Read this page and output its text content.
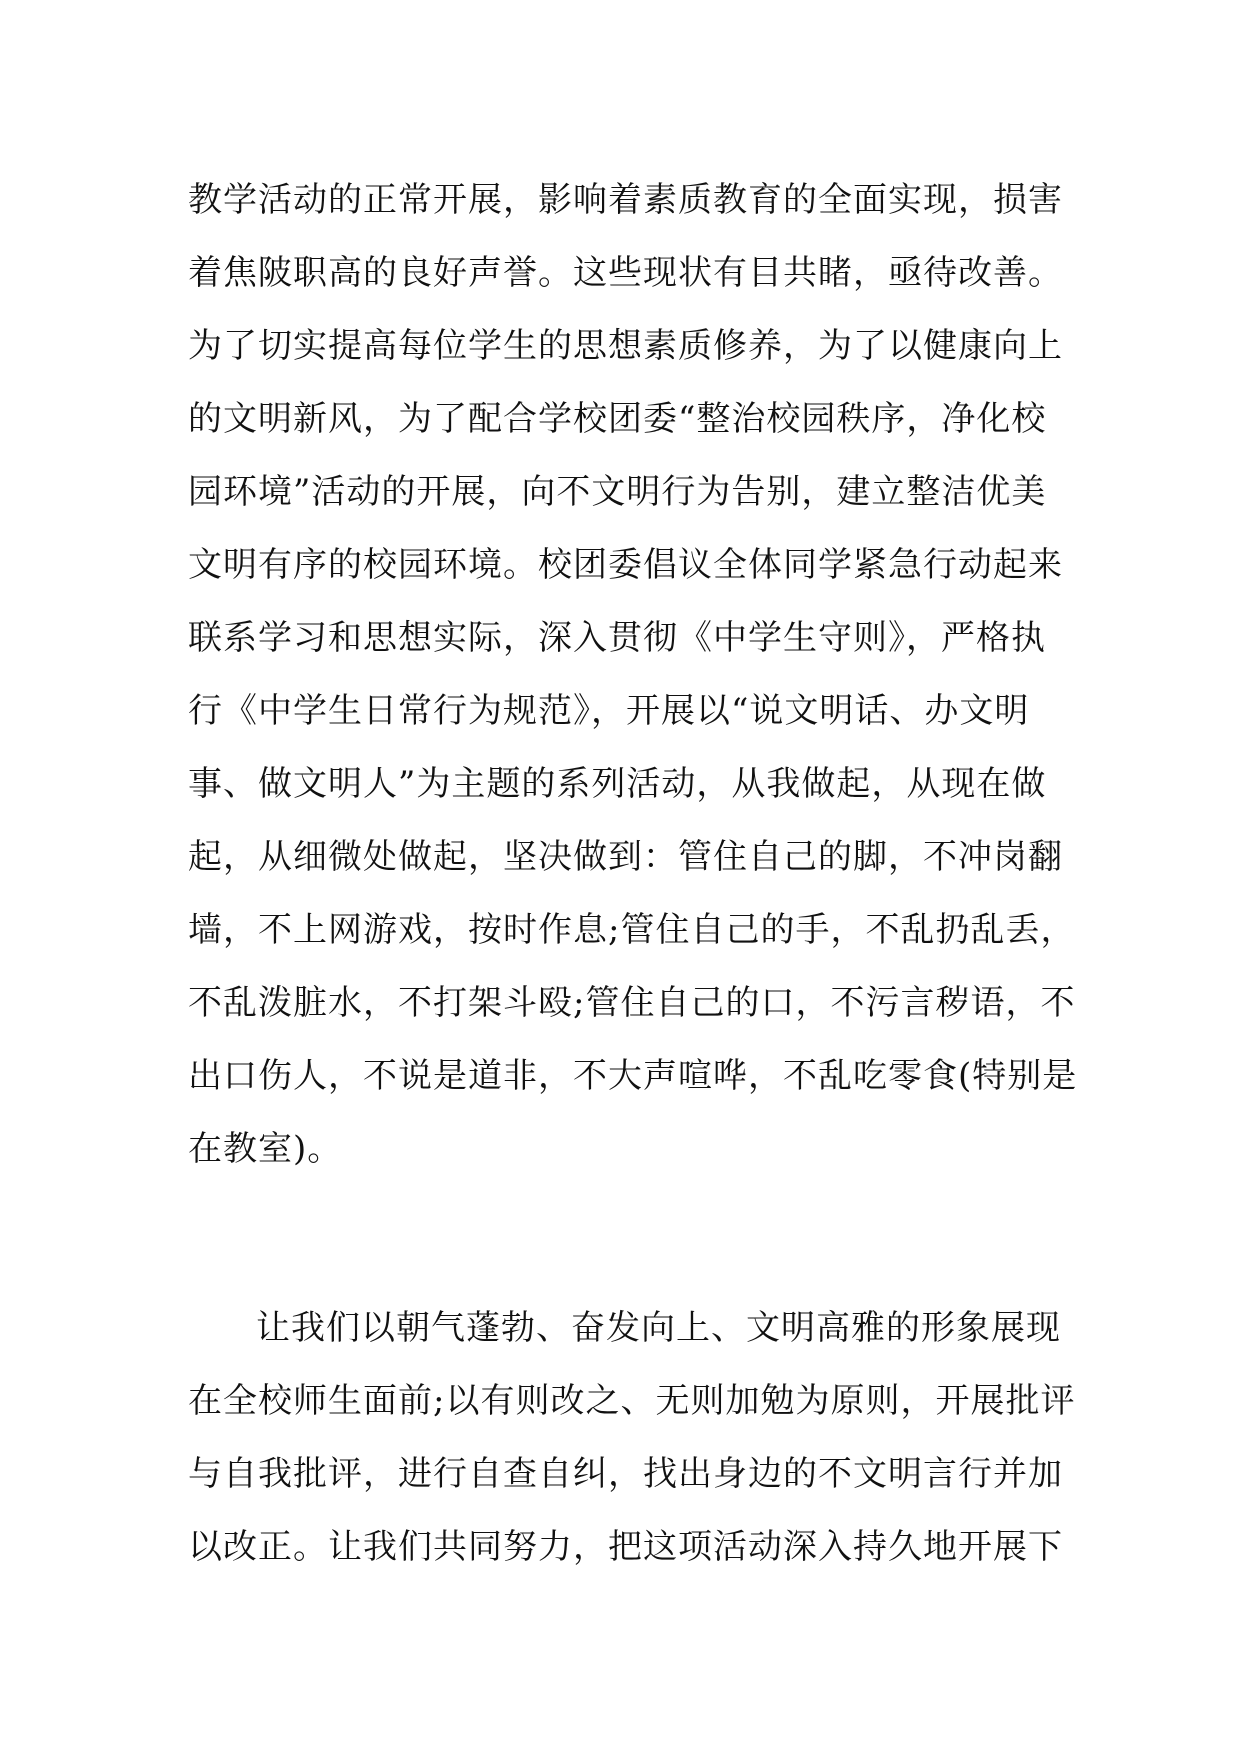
教学活动的正常开展，影响着素质教育的全面实现，损害
着焦陂职高的良好声誉。这些现状有目共睹，亟待改善。
为了切实提高每位学生的思想素质修养，为了以健康向上
的文明新风，为了配合学校团委“整治校园秩序，净化校
园环境”活动的开展，向不文明行为告别，建立整洁优美
文明有序的校园环境。校团委倡议全体同学紧急行动起来
联系学习和思想实际，深入贯彻《中学生守则》，严格执
行《中学生日常行为规范》，开展以“说文明话、办文明
事、做文明人”为主题的系列活动，从我做起，从现在做
起，从细微处做起，坚决做到：管住自己的脚，不冲岗翻
墙，不上网游戏，按时作息;管住自己的手，不乱扔乱丢，
不乱泼脏水，不打架斗殴;管住自己的口，不污言秽语，不
出口伤人，不说是道非，不大声喧哗，不乱吃零食(特别是
在教室)。
让我们以朝气蓬勃、奋发向上、文明高雅的形象展现
在全校师生面前;以有则改之、无则加勉为原则，开展批评
与自我批评，进行自查自纠，找出身边的不文明言行并加
以改正。让我们共同努力，把这项活动深入持久地开展下
